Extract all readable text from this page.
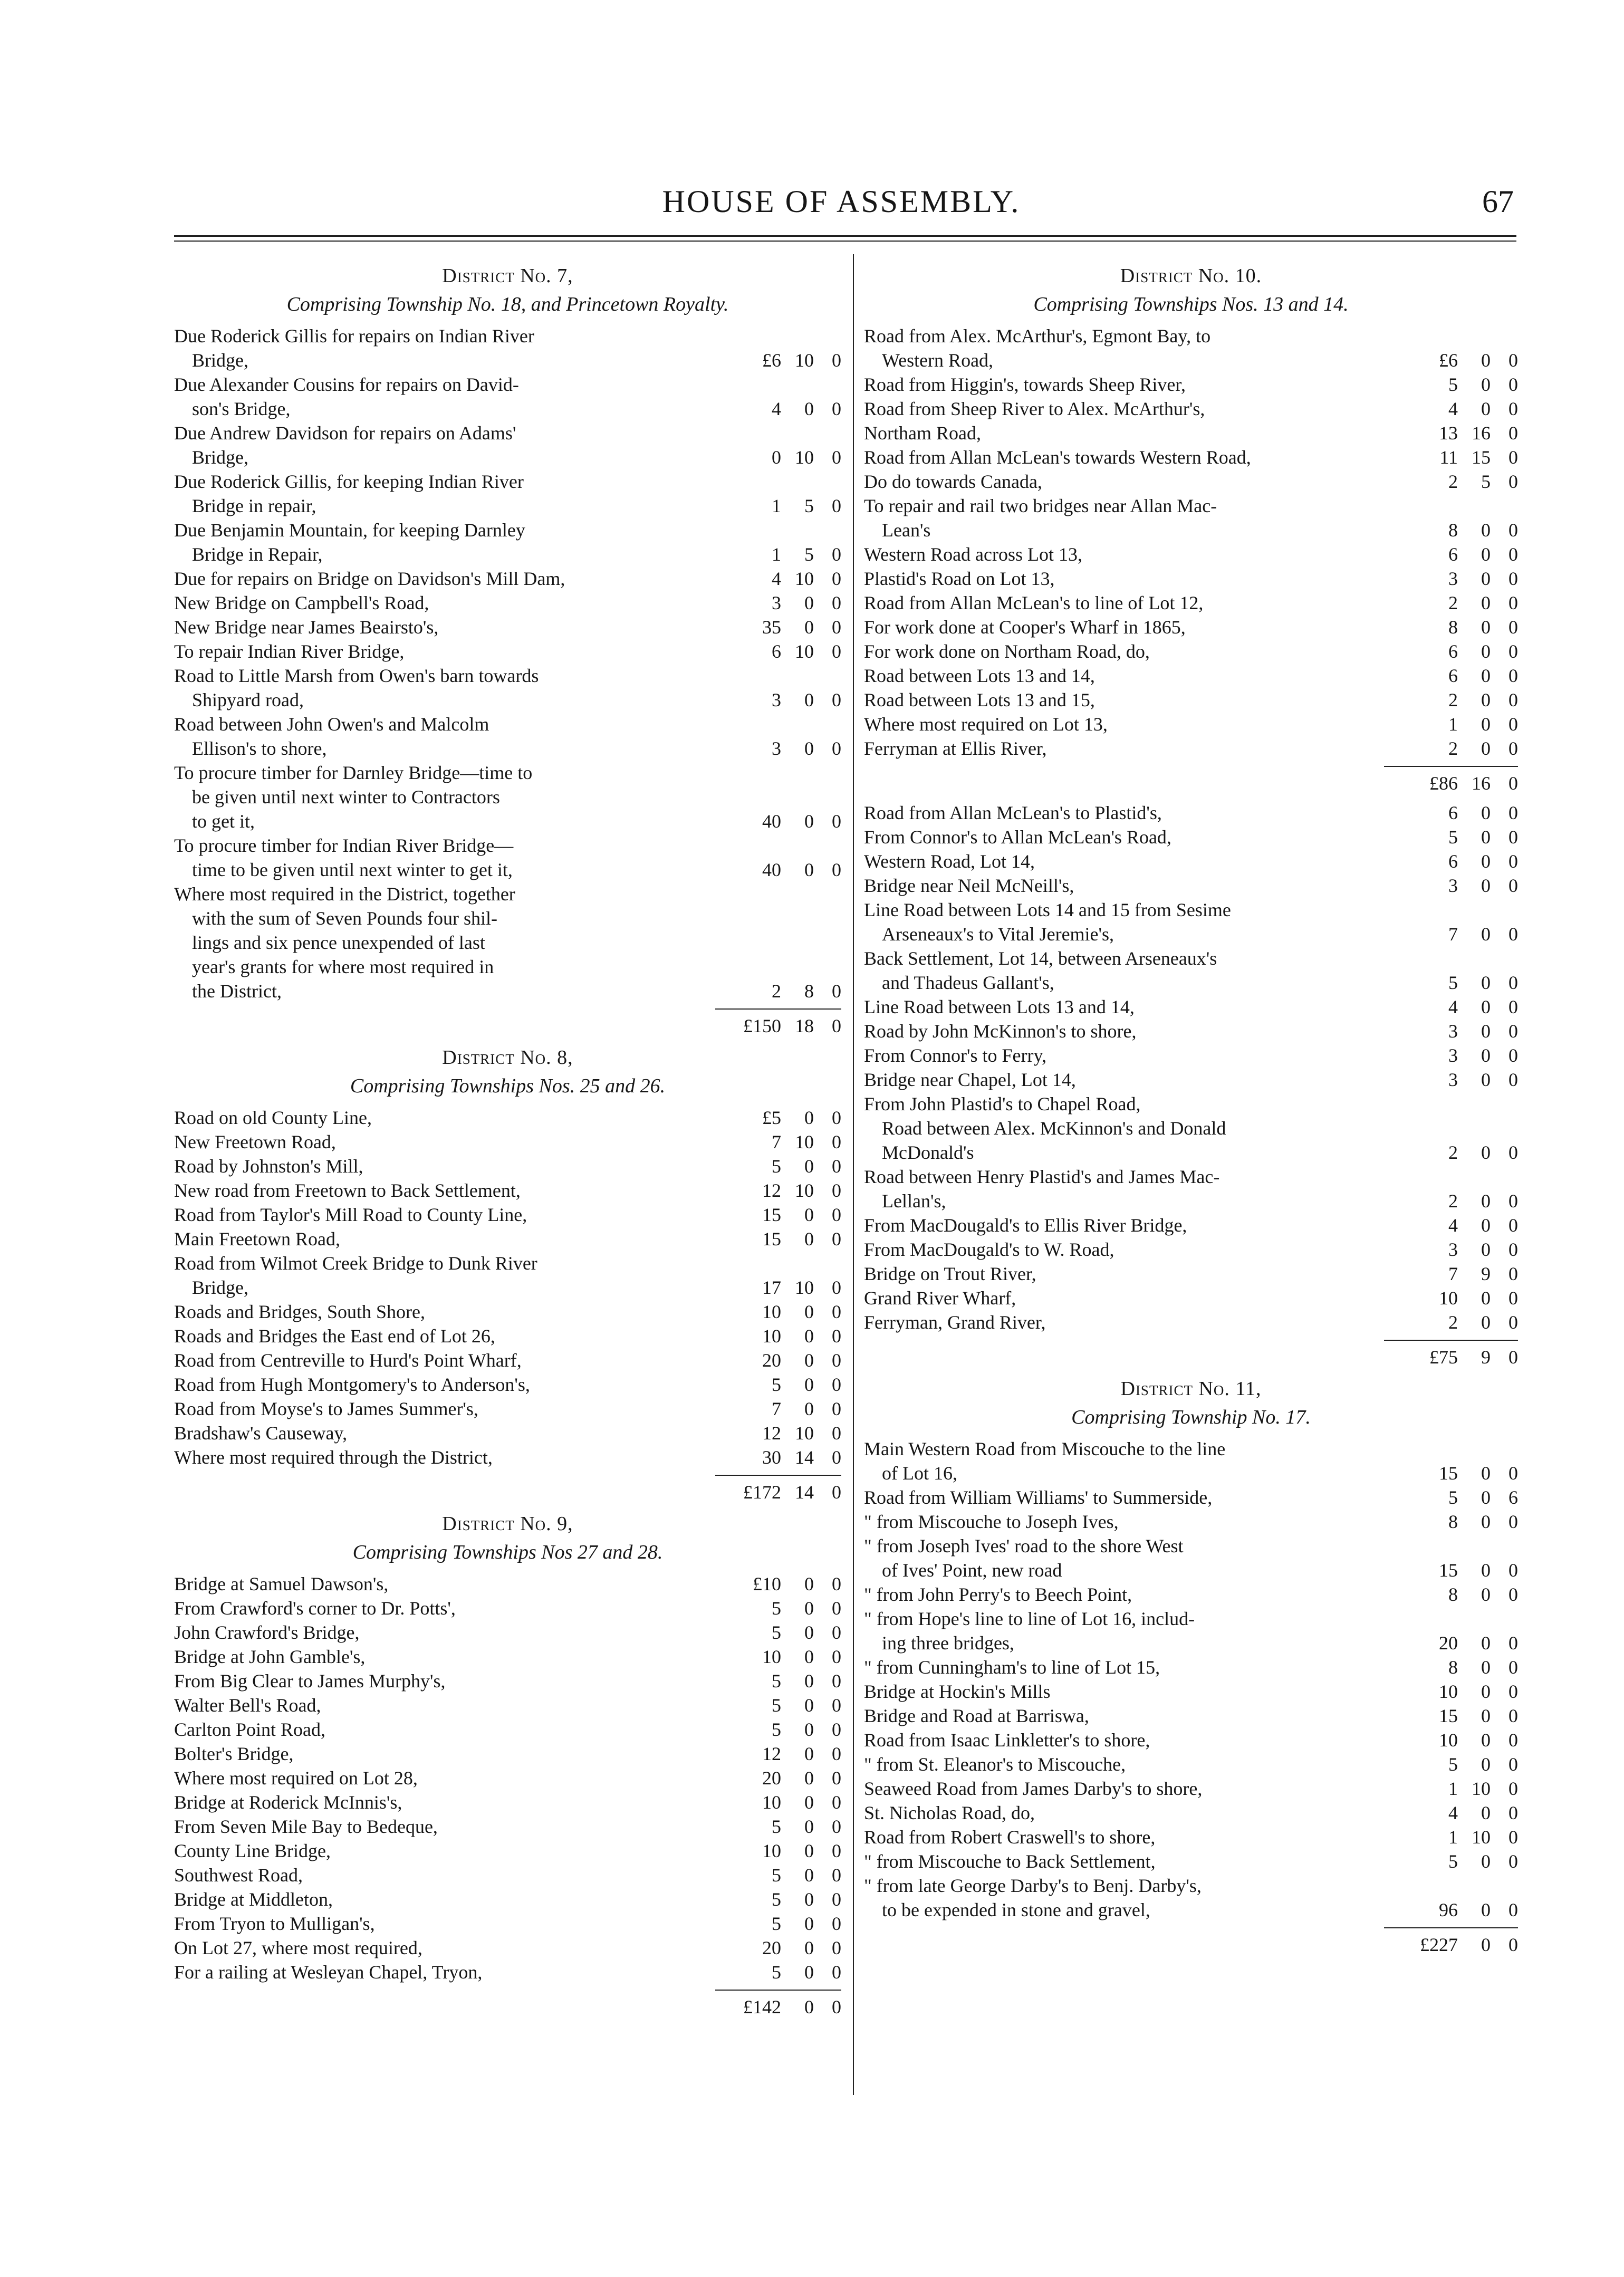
HOUSE OF ASSEMBLY.	67
District No. 7,
Comprising Township No. 18, and Princetown Royalty.
Due Roderick Gillis for repairs on Indian River
Bridge,	£6 10 0
Due Alexander Cousins for repairs on David-
son's Bridge,	4	0 0
Due Andrew Davidson for repairs on Adams'
Bridge,	0 10 0
Due Roderick Gillis, for keeping Indian River
Bridge in repair,	1	5 0
Due Benjamin Mountain, for keeping Darnley
Bridge in Repair,	1	5 0
Due for repairs on Bridge on Davidson's Mill Dam,	4 10 0
New Bridge on Campbell's Road,	3	0 0
New Bridge near James Beairsto's,	35	0 0
To repair Indian River Bridge,	6 10 0
Road to Little Marsh from Owen's barn towards
Shipyard road,	3	0 0
Road between John Owen's and Malcolm
Ellison's to shore,	3	0 0
To procure timber for Darnley Bridge—time to
be given until next winter to Contractors
to get it,	40	0 0
To procure timber for Indian River Bridge—
time to be given until next winter to get it,	40	0 0
Where most required in the District, together
with the sum of Seven Pounds four shil-
lings and six pence unexpended of last
year's grants for where most required in
the District,	2	8 0
£150 18 0
District No. 8,
Comprising Townships Nos. 25 and 26.
Road on old County Line,	£5	0 0
New Freetown Road,	7 10 0
Road by Johnston's Mill,	5	0 0
New road from Freetown to Back Settlement,	12 10 0
Road from Taylor's Mill Road to County Line,	15	0 0
Main Freetown Road,	15	0 0
Road from Wilmot Creek Bridge to Dunk River
Bridge,	17 10 0
Roads and Bridges, South Shore,	10	0 0
Roads and Bridges the East end of Lot 26,	10	0 0
Road from Centreville to Hurd's Point Wharf,	20	0 0
Road from Hugh Montgomery's to Anderson's,	5	0 0
Road from Moyse's to James Summer's,	7	0 0
Bradshaw's Causeway,	12 10 0
Where most required through the District,	30 14 0
£172 14 0
District No. 9,
Comprising Townships Nos 27 and 28.
Bridge at Samuel Dawson's,	£10	0 0
From Crawford's corner to Dr. Potts',	5	0 0
John Crawford's Bridge,	5	0 0
Bridge at John Gamble's,	10	0 0
From Big Clear to James Murphy's,	5	0 0
Walter Bell's Road,	5	0 0
Carlton Point Road,	5	0 0
Bolter's Bridge,	12	0 0
Where most required on Lot 28,	20	0 0
Bridge at Roderick McInnis's,	10	0 0
From Seven Mile Bay to Bedeque,	5	0 0
County Line Bridge,	10	0 0
Southwest Road,	5	0 0
Bridge at Middleton,	5	0 0
From Tryon to Mulligan's,	5	0 0
On Lot 27, where most required,	20	0 0
For a railing at Wesleyan Chapel, Tryon,	5	0 0
£142	0 0
District No. 10.
Comprising Townships Nos. 13 and 14.
Road from Alex. McArthur's, Egmont Bay, to
Western Road,	£6	0 0
Road from Higgin's, towards Sheep River,	5	0 0
Road from Sheep River to Alex. McArthur's,	4	0 0
Northam Road,	13 16 0
Road from Allan McLean's towards Western Road,	11 15 0
Do do towards Canada,	2	5 0
To repair and rail two bridges near Allan Mac-
Lean's	8	0 0
Western Road across Lot 13,	6	0 0
Plastid's Road on Lot 13,	3	0 0
Road from Allan McLean's to line of Lot 12,	2	0 0
For work done at Cooper's Wharf in 1865,	8	0 0
For work done on Northam Road, do,	6	0 0
Road between Lots 13 and 14,	6	0 0
Road between Lots 13 and 15,	2	0 0
Where most required on Lot 13,	1	0 0
Ferryman at Ellis River,	2	0 0
£86 16 0
Road from Allan McLean's to Plastid's,	6	0 0
From Connor's to Allan McLean's Road,	5	0 0
Western Road, Lot 14,	6	0 0
Bridge near Neil McNeill's,	3	0 0
Line Road between Lots 14 and 15 from Sesime
Arseneaux's to Vital Jeremie's,	7	0 0
Back Settlement, Lot 14, between Arseneaux's
and Thadeus Gallant's,	5	0 0
Line Road between Lots 13 and 14,	4	0 0
Road by John McKinnon's to shore,	3	0 0
From Connor's to Ferry,	3	0 0
Bridge near Chapel, Lot 14,	3	0 0
From John Plastid's to Chapel Road,
Road between Alex. McKinnon's and Donald
McDonald's	2	0 0
Road between Henry Plastid's and James Mac-
Lellan's,	2	0 0
From MacDougald's to Ellis River Bridge,	4	0 0
From MacDougald's to W. Road,	3	0 0
Bridge on Trout River,	7	9 0
Grand River Wharf,	10	0 0
Ferryman, Grand River,	2	0 0
£75	9 0
District No. 11,
Comprising Township No. 17.
Main Western Road from Miscouche to the line
of Lot 16,	15	0 0
Road from William Williams' to Summerside,	5	0 6
" from Miscouche to Joseph Ives,	8	0 0
" from Joseph Ives' road to the shore West
of Ives' Point, new road	15	0 0
" from John Perry's to Beech Point,	8	0 0
" from Hope's line to line of Lot 16, includ-
ing three bridges,	20	0 0
" from Cunningham's to line of Lot 15,	8	0 0
Bridge at Hockin's Mills	10	0 0
Bridge and Road at Barriswa,	15	0 0
Road from Isaac Linkletter's to shore,	10	0 0
" from St. Eleanor's to Miscouche,	5	0 0
Seaweed Road from James Darby's to shore,	1 10 0
St. Nicholas Road, do,	4	0 0
Road from Robert Craswell's to shore,	1 10 0
" from Miscouche to Back Settlement,	5	0 0
" from late George Darby's to Benj. Darby's,
to be expended in stone and gravel,	96	0 0
£227	0 0
